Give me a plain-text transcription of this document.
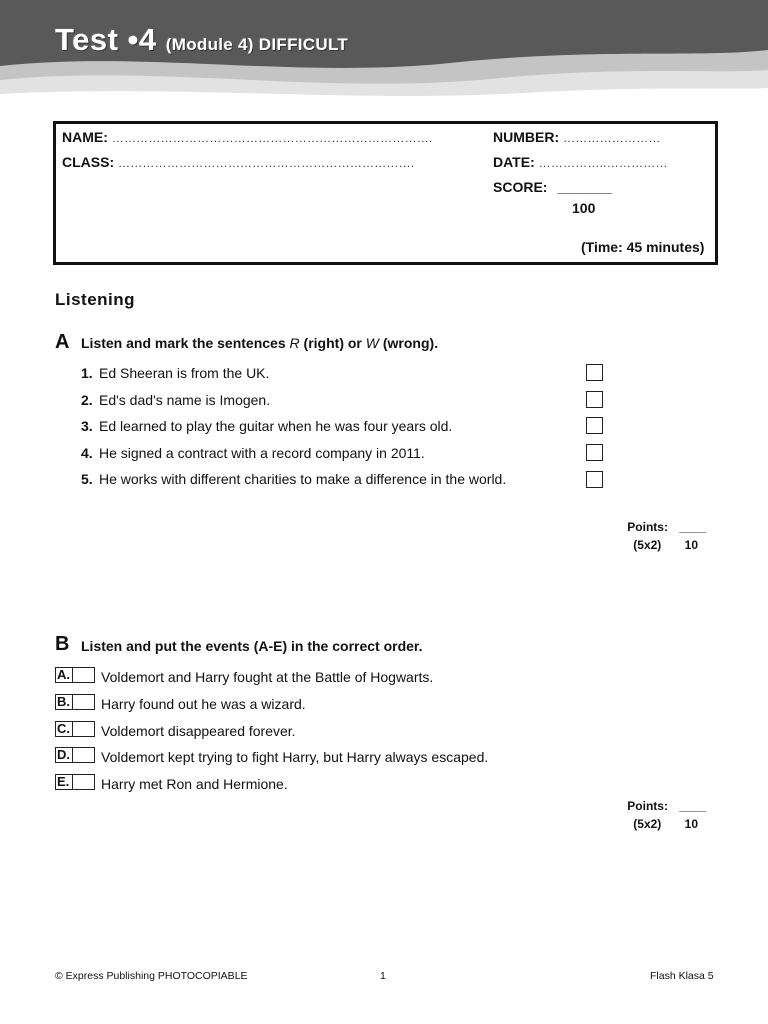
Test •4 (Module 4) DIFFICULT
NAME: …………………………………………………………………….
CLASS: ……………………………………………………………….
NUMBER: ……………………
DATE: ……………..……………
SCORE: _______
100
(Time: 45 minutes)
Listening
A Listen and mark the sentences R (right) or W (wrong).
1. Ed Sheeran is from the UK.
2. Ed's dad's name is Imogen.
3. Ed learned to play the guitar when he was four years old.
4. He signed a contract with a record company in 2011.
5. He works with different charities to make a difference in the world.
Points: ____
(5x2) 10
B Listen and put the events (A-E) in the correct order.
A. Voldemort and Harry fought at the Battle of Hogwarts.
B. Harry found out he was a wizard.
C. Voldemort disappeared forever.
D. Voldemort kept trying to fight Harry, but Harry always escaped.
E. Harry met Ron and Hermione.
Points: ____
(5x2) 10
© Express Publishing PHOTOCOPIABLE	1	Flash Klasa 5
